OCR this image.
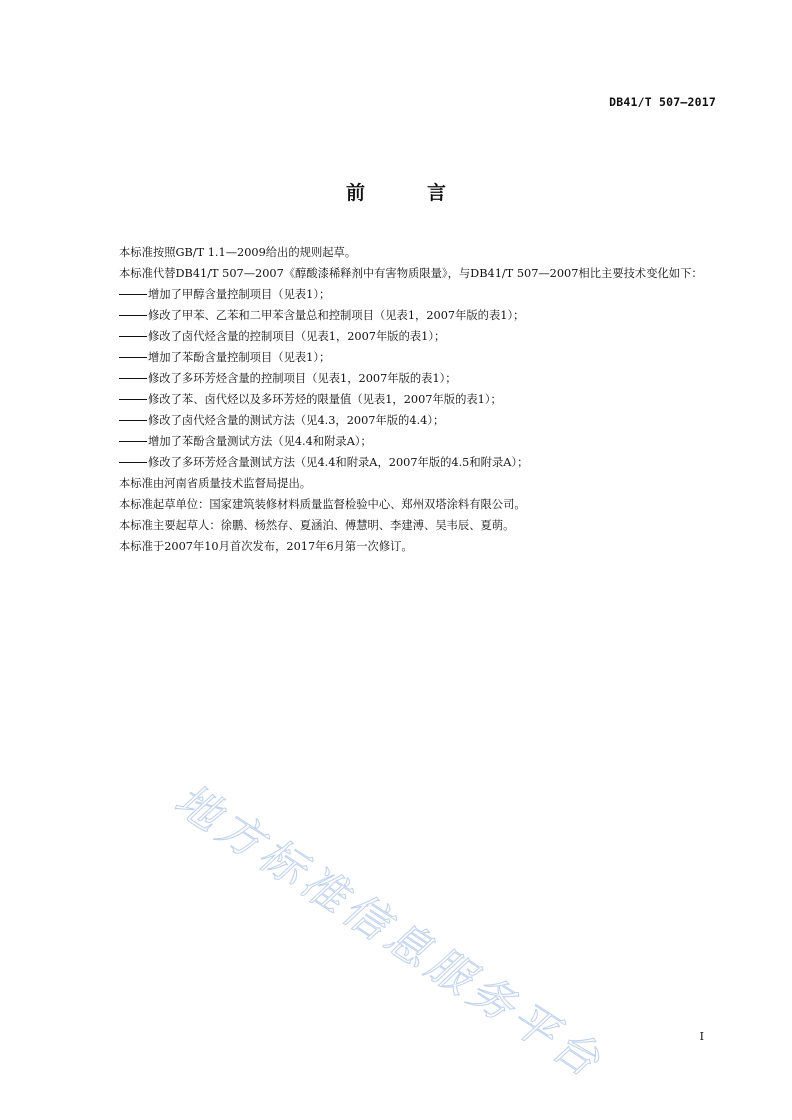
DB41/T 507—2017
前言

本标准按照GB/T 1.1—2009给出的规则起草。

本标准代替DB41/T 507—2007《醇酸漆稀释剂中有害物质限量》，与DB41/T 507—2007相比主要技术变化如下：

增加了甲醇含量控制项目（见表1）；

修改了甲苯、乙苯和二甲苯含量总和控制项目（见表1，2007年版的表1）；

修改了卤代烃含量的控制项目（见表1，2007年版的表1）；

增加了苯酚含量控制项目（见表1）；

修改了多环芳烃含量的控制项目（见表1，2007年版的表1）；

修改了苯、卤代烃以及多环芳烃的限量值（见表1，2007年版的表1）；

修改了卤代烃含量的测试方法（见4.3，2007年版的4.4）；

增加了苯酚含量测试方法（见4.4和附录A）；

修改了多环芳烃含量测试方法（见4.4和附录A，2007年版的4.5和附录A）；

本标准由河南省质量技术监督局提出。

本标准起草单位：国家建筑装修材料质量监督检验中心、郑州双塔涂料有限公司。

本标准主要起草人：徐鹏、杨然存、夏涵泊、傅慧明、李建溥、吴韦辰、夏萌。

本标准于2007年10月首次发布，2017年6月第一次修订。

地方标准信息服务平台	I
